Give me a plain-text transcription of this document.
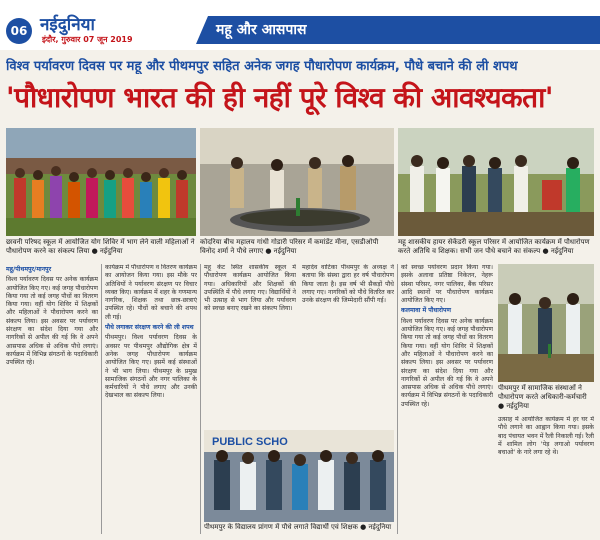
06 नईदुनिया
इंदौर, गुरुवार 07 जून 2019
महू और आसपास
विश्व पर्यावरण दिवस पर महू और पीथमपुर सहित अनेक जगह पौधारोपण कार्यक्रम, पौधे बचाने की ली शपथ
'पौधारोपण भारत की ही नहीं पूरे विश्व की आवश्यकता'
छावनी परिषद स्कूल में आयोजित योग शिविर में भाग लेने वाली महिलाओं ने पौधारोपण करने का संकल्प लिया ● नईदुनिया
कोदरिया बीच महालय गांधी गोडारी परिसर में कमांडेंट मीना, एसडीओपी विनोद शर्मा ने पौधे लगाए ● नईदुनिया
महू शासकीय हायर सेकेंडरी स्कूल परिसर में आयोजित कार्यक्रम में पौधारोपण करते अतिथि व शिक्षक। सभी जन पौधे बचाने का संकल्प ● नईदुनिया
महू/पीथमपुर/मानपुर
विश्व पर्यावरण दिवस पर अनेक कार्यक्रम आयोजित किए गए। कई जगह पौधारोपण किया गया तो कई जगह पौधों का वितरण किया गया। वहीं योग शिविर में शिक्षकों और महिलाओं ने पौधारोपण करने का संकल्प लिया। इस अवसर पर पर्यावरण संरक्षण का संदेश दिया गया और नागरिकों से अपील की गई कि वे अपने आसपास अधिक से अधिक पौधे लगाएं। कार्यक्रम में विभिन्न संगठनों के पदाधिकारी उपस्थित रहे।
कार्यक्रम में पौधारोपण व वितरण कार्यक्रम का आयोजन किया गया। इस मौके पर अतिथियों ने पर्यावरण संरक्षण पर विचार व्यक्त किए। कार्यक्रम में शहर के गणमान्य नागरिक, शिक्षक तथा छात्र-छात्राएं उपस्थित रहे। पौधों को बचाने की शपथ ली गई।
पौधे लगाकर संरक्षण करने की ली शपथ
पीथमपुर। विश्व पर्यावरण दिवस के अवसर पर पीथमपुर औद्योगिक क्षेत्र में अनेक जगह पौधारोपण कार्यक्रम आयोजित किए गए। इसमें कई संस्थाओं ने भी भाग लिया। पीथमपुर के प्रमुख सामाजिक संगठनों और नगर पालिका के कर्मचारियों ने पौधे लगाए और उनकी देखभाल का संकल्प लिया।
महू केंट स्थित शासकीय स्कूल में पौधारोपण कार्यक्रम आयोजित किया गया। अधिकारियों और शिक्षकों की उपस्थिति में पौधे लगाए गए। विद्यार्थियों ने भी उत्साह से भाग लिया और पर्यावरण को स्वच्छ बनाए रखने का संकल्प लिया।
महादेव वाटिका पीथमपुर के अध्यक्ष ने बताया कि संस्था द्वारा हर वर्ष पौधारोपण किया जाता है। इस वर्ष भी सैकड़ों पौधे लगाए गए। नागरिकों को पौधे वितरित कर उनके संरक्षण की जिम्मेदारी सौंपी गई।
PUBLIC SCHO
पीथमपुर के विद्यालय प्रांगण में पौधे लगाते विद्यार्थी एवं शिक्षक ● नईदुनिया
को स्वच्छ पर्यावरण प्रदान किया गया। इसके अलावा प्रतिष्ठा निकेतन, नेहरू संस्था परिसर, नगर पालिका, बैंक परिसर आदि स्थानों पर पौधारोपण कार्यक्रम आयोजित किए गए।
कलमावा में पौधारोपण
विश्व पर्यावरण दिवस पर अनेक कार्यक्रम आयोजित किए गए। कई जगह पौधारोपण किया गया तो कई जगह पौधों का वितरण किया गया। वहीं योग शिविर में शिक्षकों और महिलाओं ने पौधारोपण करने का संकल्प लिया। इस अवसर पर पर्यावरण संरक्षण का संदेश दिया गया और नागरिकों से अपील की गई कि वे अपने आसपास अधिक से अधिक पौधे लगाएं। कार्यक्रम में विभिन्न संगठनों के पदाधिकारी उपस्थित रहे।
पीथमपुर में सामाजिक संस्थाओं ने पौधारोपण करते अधिकारी-कर्मचारी ● नईदुनिया
उत्साह में आयोजित कार्यक्रम में हर घर में पौधे लगाने का आह्वान किया गया। इसके बाद पंचायत भवन में रैली निकाली गई। रैली में शामिल लोग 'पेड़ लगाओ पर्यावरण बचाओ' के नारे लगा रहे थे।
